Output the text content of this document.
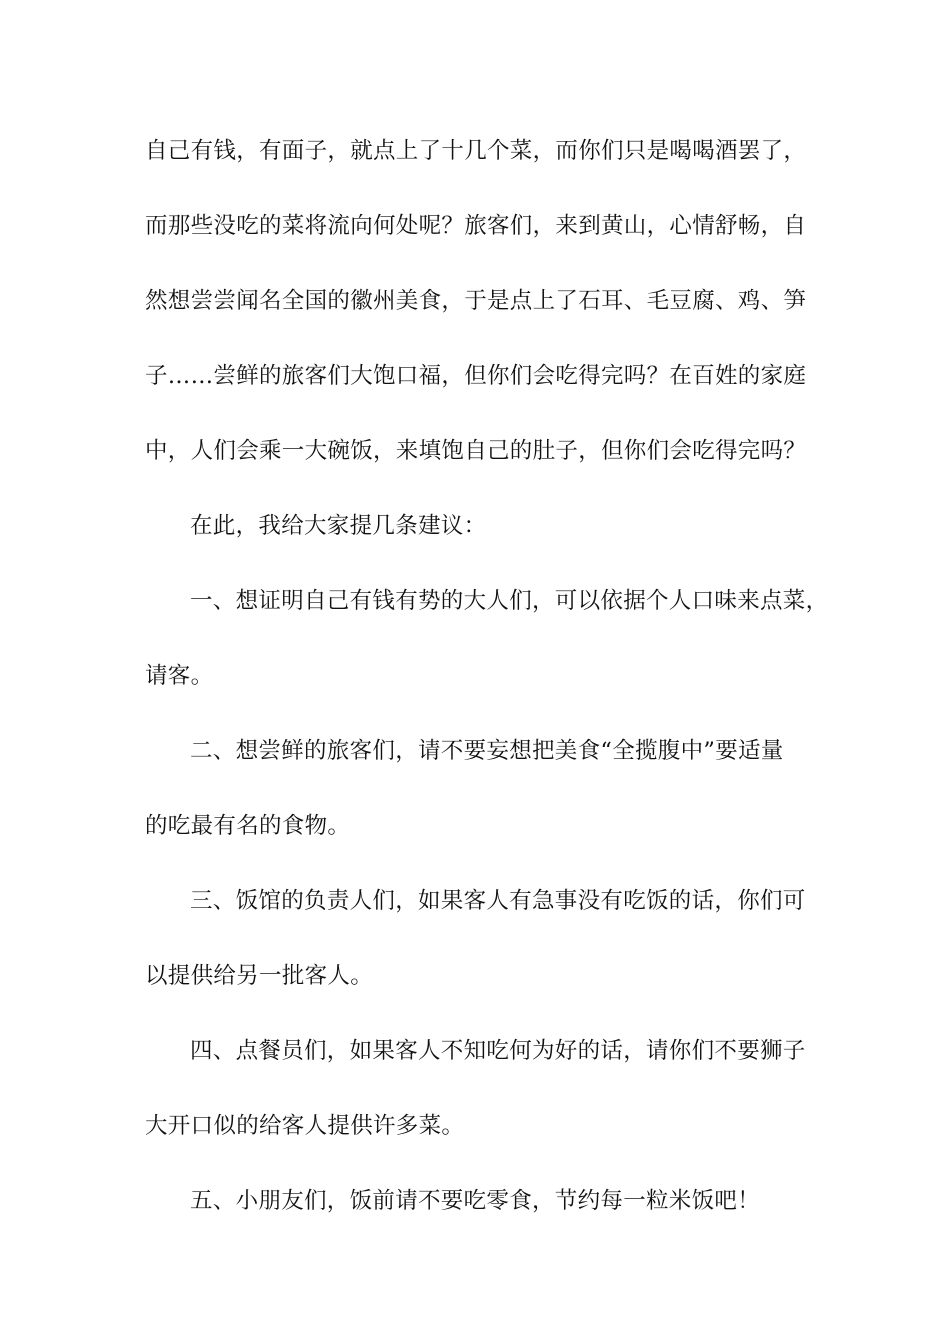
自己有钱，有面子，就点上了十几个菜，而你们只是喝喝酒罢了，
而那些没吃的菜将流向何处呢？旅客们，来到黄山，心情舒畅，自
然想尝尝闻名全国的徽州美食，于是点上了石耳、毛豆腐、鸡、笋
子……尝鲜的旅客们大饱口福，但你们会吃得完吗？在百姓的家庭
中，人们会乘一大碗饭，来填饱自己的肚子，但你们会吃得完吗？
在此，我给大家提几条建议：
一、想证明自己有钱有势的大人们，可以依据个人口味来点菜，
请客。
二、想尝鲜的旅客们，请不要妄想把美食“全揽腹中”要适量
的吃最有名的食物。
三、饭馆的负责人们，如果客人有急事没有吃饭的话，你们可
以提供给另一批客人。
四、点餐员们，如果客人不知吃何为好的话，请你们不要狮子
大开口似的给客人提供许多菜。
五、小朋友们，饭前请不要吃零食，节约每一粒米饭吧！
